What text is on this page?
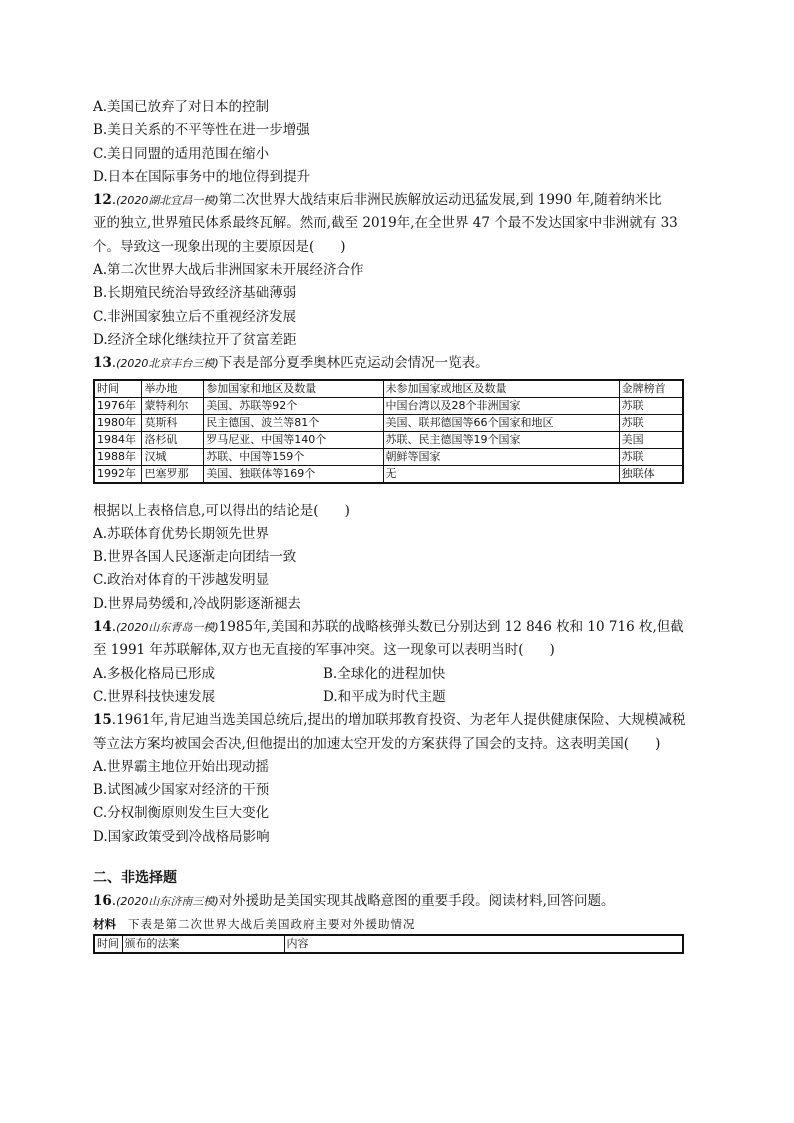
A.美国已放弃了对日本的控制
B.美日关系的不平等性在进一步增强
C.美日同盟的适用范围在缩小
D.日本在国际事务中的地位得到提升
12.(2020湖北宜昌一模)第二次世界大战结束后非洲民族解放运动迅猛发展,到 1990 年,随着纳米比
亚的独立,世界殖民体系最终瓦解。然而,截至 2019年,在全世界 47 个最不发达国家中非洲就有 33
个。导致这一现象出现的主要原因是( )
A.第二次世界大战后非洲国家未开展经济合作
B.长期殖民统治导致经济基础薄弱
C.非洲国家独立后不重视经济发展
D.经济全球化继续拉开了贫富差距
13.(2020北京丰台三模)下表是部分夏季奥林匹克运动会情况一览表。
时间	举办地	参加国家和地区及数量	未参加国家或地区及数量	金牌榜首
1976年	蒙特利尔	美国、苏联等92个	中国台湾以及28个非洲国家	苏联
1980年	莫斯科	民主德国、波兰等81个	美国、联邦德国等66个国家和地区	苏联
1984年	洛杉矶	罗马尼亚、中国等140个	苏联、民主德国等19个国家	美国
1988年	汉城	苏联、中国等159个	朝鲜等国家	苏联
1992年	巴塞罗那	美国、独联体等169个	无	独联体
根据以上表格信息,可以得出的结论是( )
A.苏联体育优势长期领先世界
B.世界各国人民逐渐走向团结一致
C.政治对体育的干涉越发明显
D.世界局势缓和,冷战阴影逐渐褪去
14.(2020山东青岛一模)1985年,美国和苏联的战略核弹头数已分别达到 12 846 枚和 10 716 枚,但截
至 1991 年苏联解体,双方也无直接的军事冲突。这一现象可以表明当时( )
A.多极化格局已形成	B.全球化的进程加快
C.世界科技快速发展	D.和平成为时代主题
15.1961年,肯尼迪当选美国总统后,提出的增加联邦教育投资、为老年人提供健康保险、大规模减税
等立法方案均被国会否决,但他提出的加速太空开发的方案获得了国会的支持。这表明美国( )
A.世界霸主地位开始出现动摇
B.试图减少国家对经济的干预
C.分权制衡原则发生巨大变化
D.国家政策受到冷战格局影响
二、非选择题
16.(2020山东济南三模)对外援助是美国实现其战略意图的重要手段。阅读材料,回答问题。
材料 下表是第二次世界大战后美国政府主要对外援助情况
时间	颁布的法案	内容
